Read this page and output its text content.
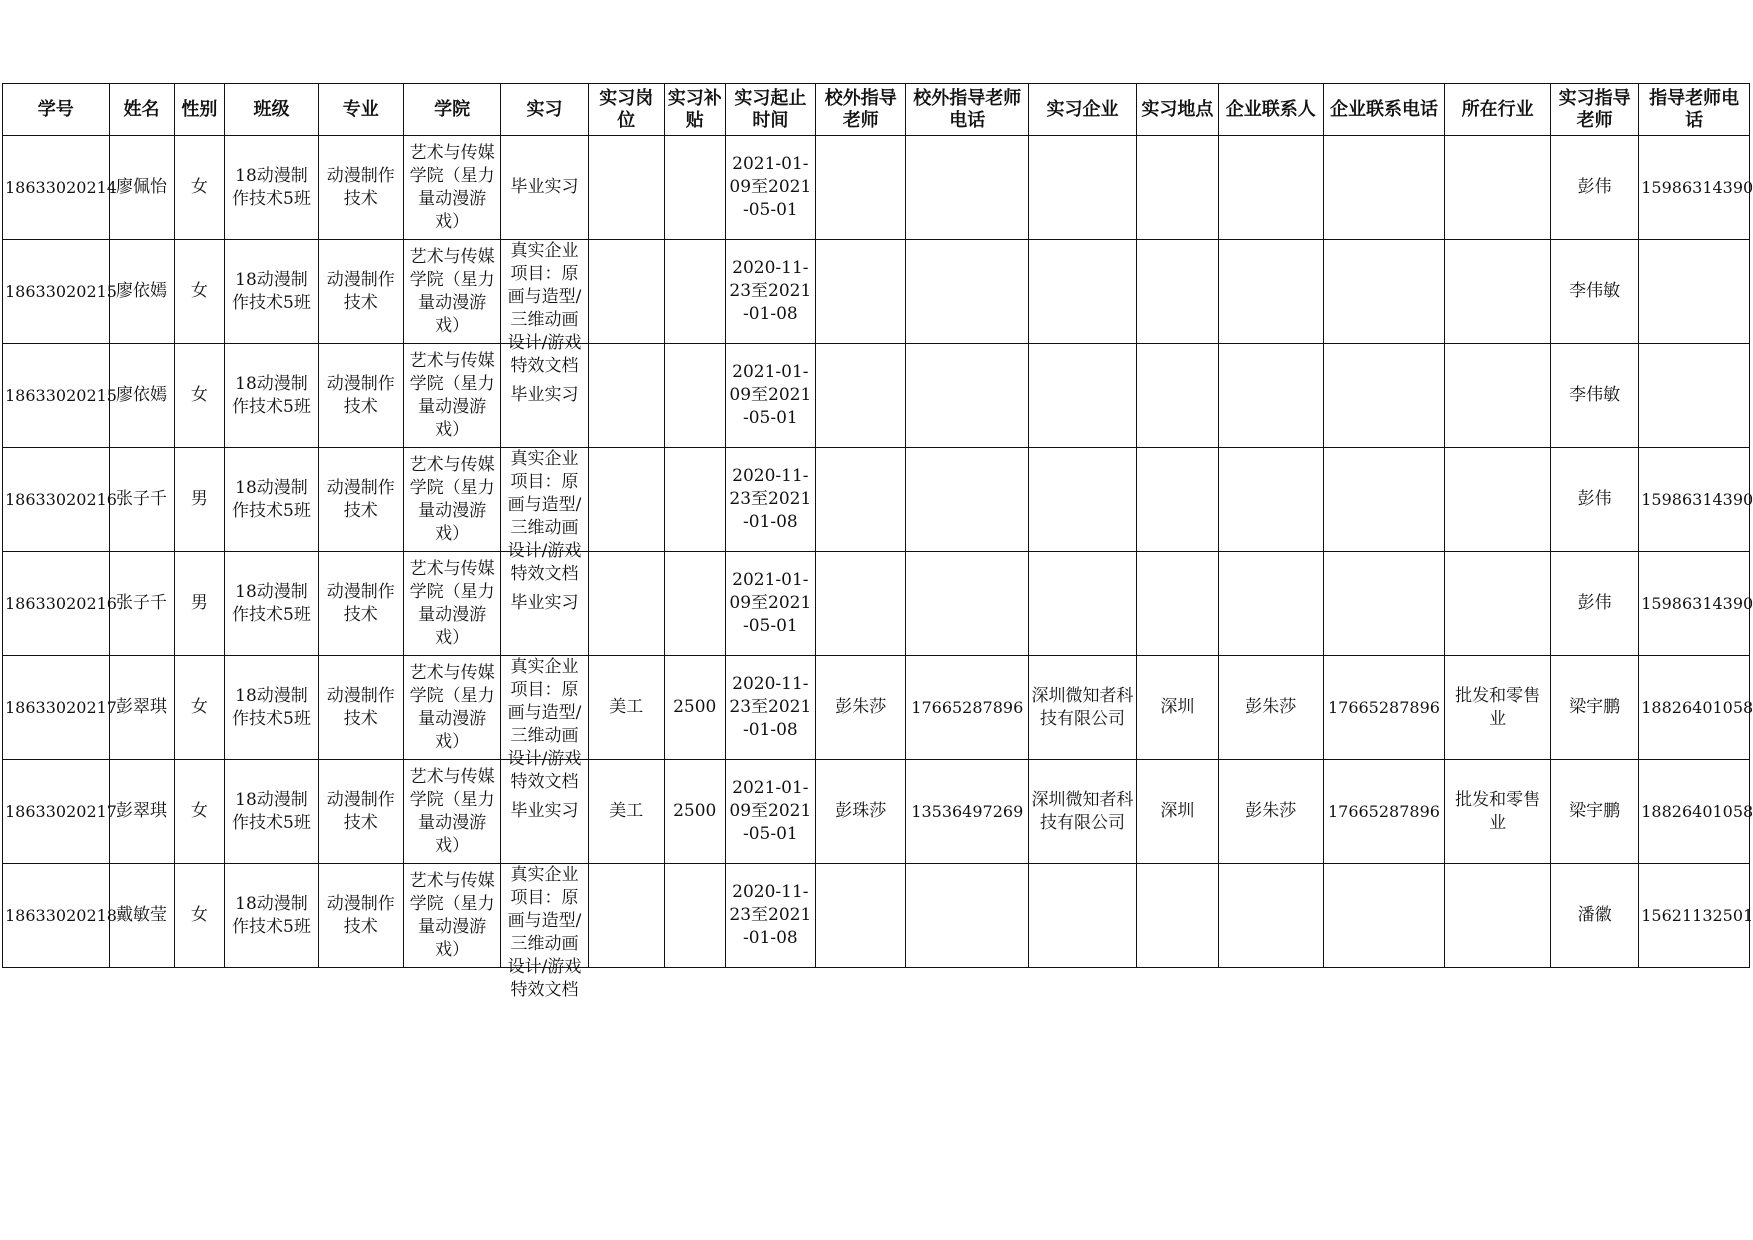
学号	姓名	性别	班级	专业	学院	实习	实习岗位	实习补贴	实习起止时间	校外指导老师	校外指导老师电话	实习企业	实习地点	企业联系人	企业联系电话	所在行业	实习指导老师	指导老师电话
18633020214	廖佩怡	女	18动漫制作技术5班	动漫制作技术	艺术与传媒学院（星力量动漫游戏）	毕业实习			2021-01-09至2021-05-01								彭伟	15986314390
18633020215	廖依嫣	女	18动漫制作技术5班	动漫制作技术	艺术与传媒学院（星力量动漫游戏）	真实企业项目：原画与造型/三维动画设计/游戏特效文档			2020-11-23至2021-01-08								李伟敏	
18633020215	廖依嫣	女	18动漫制作技术5班	动漫制作技术	艺术与传媒学院（星力量动漫游戏）	毕业实习			2021-01-09至2021-05-01								李伟敏	
18633020216	张子千	男	18动漫制作技术5班	动漫制作技术	艺术与传媒学院（星力量动漫游戏）	真实企业项目：原画与造型/三维动画设计/游戏特效文档			2020-11-23至2021-01-08								彭伟	15986314390
18633020216	张子千	男	18动漫制作技术5班	动漫制作技术	艺术与传媒学院（星力量动漫游戏）	毕业实习			2021-01-09至2021-05-01								彭伟	15986314390
18633020217	彭翠琪	女	18动漫制作技术5班	动漫制作技术	艺术与传媒学院（星力量动漫游戏）	真实企业项目：原画与造型/三维动画设计/游戏特效文档	美工	2500	2020-11-23至2021-01-08	彭朱莎	17665287896	深圳微知者科技有限公司	深圳	彭朱莎	17665287896	批发和零售业	梁宇鹏	18826401058
18633020217	彭翠琪	女	18动漫制作技术5班	动漫制作技术	艺术与传媒学院（星力量动漫游戏）	毕业实习	美工	2500	2021-01-09至2021-05-01	彭珠莎	13536497269	深圳微知者科技有限公司	深圳	彭朱莎	17665287896	批发和零售业	梁宇鹏	18826401058
18633020218	戴敏莹	女	18动漫制作技术5班	动漫制作技术	艺术与传媒学院（星力量动漫游戏）	真实企业项目：原画与造型/三维动画设计/游戏特效文档			2020-11-23至2021-01-08								潘徽	15621132501
